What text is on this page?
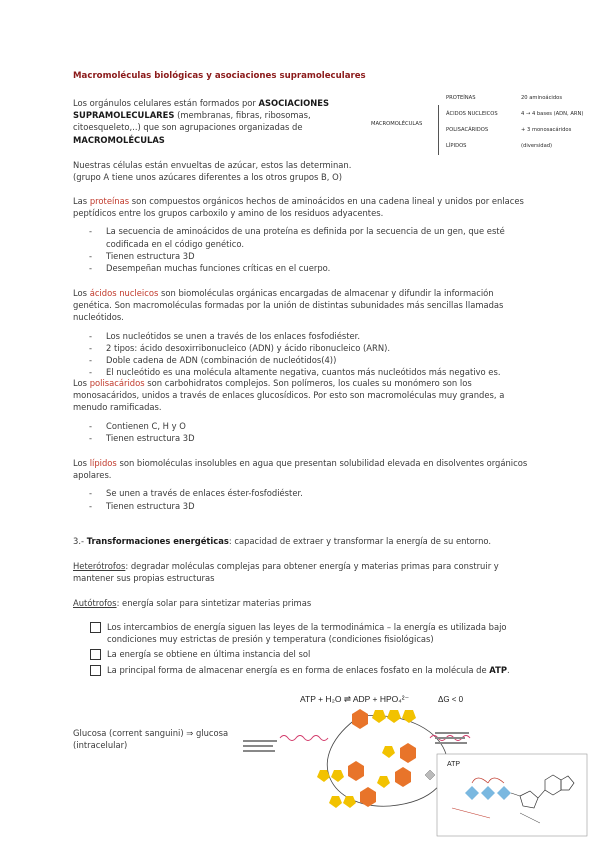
Macromoléculas biológicas y asociaciones supramoleculares
Los orgánulos celulares están formados por ASOCIACIONES SUPRAMOLECULARES (membranas, fibras, ribosomas, citoesqueleto,..) que son agrupaciones organizadas de MACROMOLÉCULAS
MACROMOLÉCULAS
PROTEÍNAS	20 aminoácidos
ÁCIDOS NUCLEICOS	4 → 4 bases (ADN, ARN)
POLISACÁRIDOS	+ 3 monosacáridos
LÍPIDOS	(diversidad)
Nuestras células están envueltas de azúcar, estos las determinan.
(grupo A tiene unos azúcares diferentes a los otros grupos B, O)
Las proteínas son compuestos orgánicos hechos de aminoácidos en una cadena lineal y unidos por enlaces peptídicos entre los grupos carboxilo y amino de los residuos adyacentes.
- La secuencia de aminoácidos de una proteína es definida por la secuencia de un gen, que esté codificada en el código genético.
- Tienen estructura 3D
- Desempeñan muchas funciones críticas en el cuerpo.
Los ácidos nucleicos son biomoléculas orgánicas encargadas de almacenar y difundir la información genética. Son macromoléculas formadas por la unión de distintas subunidades más sencillas llamadas nucleótidos.
- Los nucleótidos se unen a través de los enlaces fosfodiéster.
- 2 tipos: ácido desoxirribonucleico (ADN) y ácido ribonucleico (ARN).
- Doble cadena de ADN (combinación de nucleótidos(4))
- El nucleótido es una molécula altamente negativa, cuantos más nucleótidos más negativo es.
Los polisacáridos son carbohidratos complejos. Son polímeros, los cuales su monómero son los monosacáridos, unidos a través de enlaces glucosídicos. Por esto son macromoléculas muy grandes, a menudo ramificadas.
- Contienen C, H y O
- Tienen estructura 3D
Los lípidos son biomoléculas insolubles en agua que presentan solubilidad elevada en disolventes orgánicos apolares.
- Se unen a través de enlaces éster-fosfodiéster.
- Tienen estructura 3D
3.- Transformaciones energéticas: capacidad de extraer y transformar la energía de su entorno.
Heterótrofos: degradar moléculas complejas para obtener energía y materias primas para construir y mantener sus propias estructuras
Autótrofos: energía solar para sintetizar materias primas
Los intercambios de energía siguen las leyes de la termodinámica – la energía es utilizada bajo condiciones muy estrictas de presión y temperatura (condiciones fisiológicas)
La energía se obtiene en última instancia del sol
La principal forma de almacenar energía es en forma de enlaces fosfato en la molécula de ATP.
Glucosa (corrent sanguini) ⇒ glucosa
(intracelular)
ATP + H₂O ⇌ ADP + HPO₄²⁻	ΔG < 0
ATP
